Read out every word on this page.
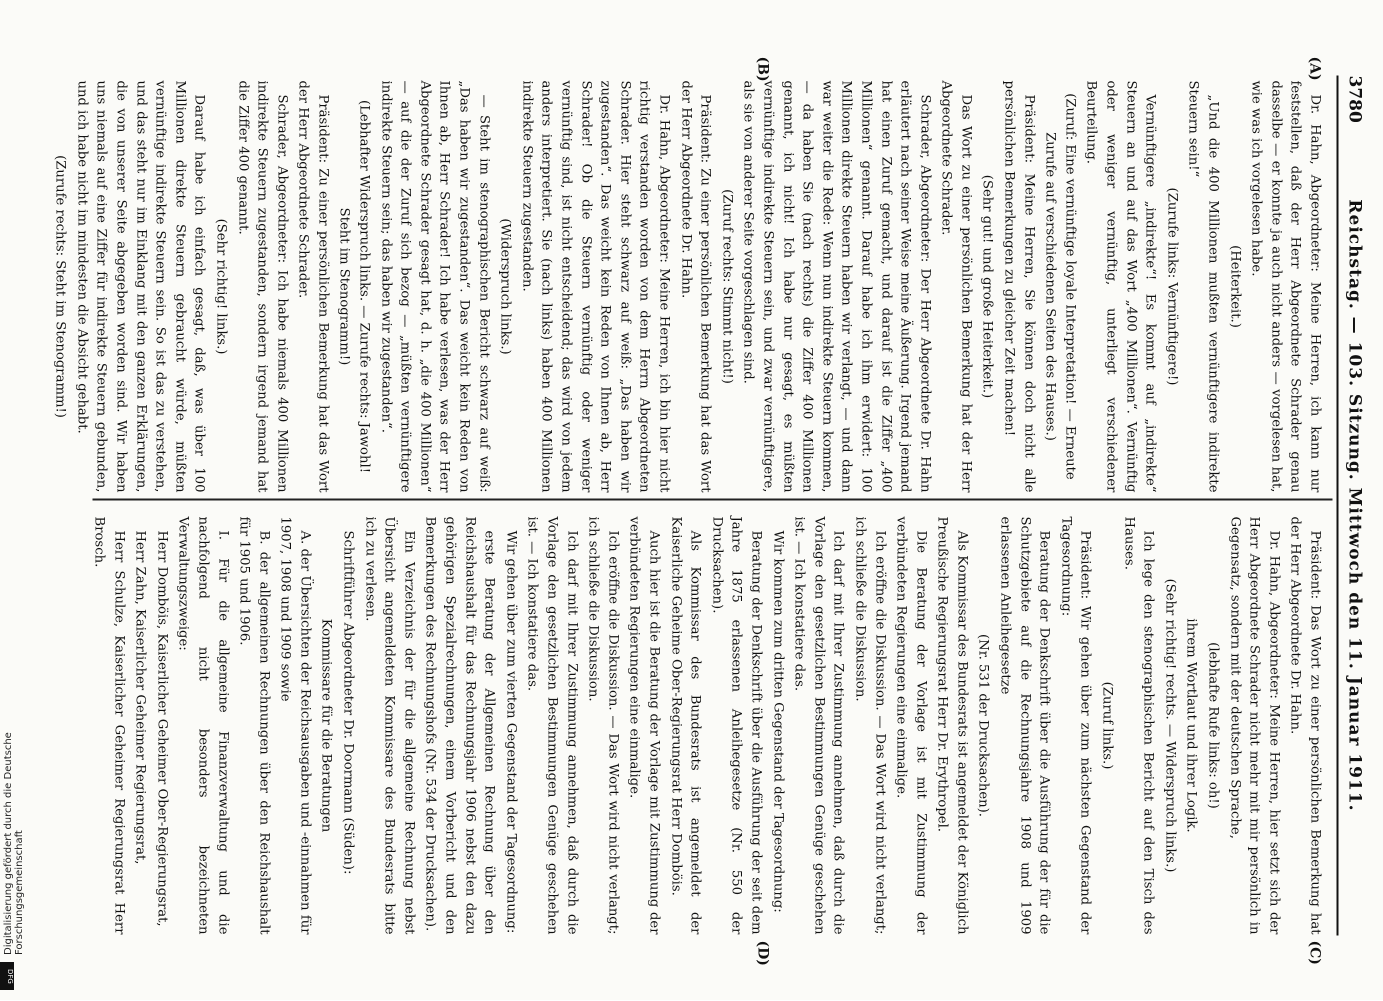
3780
Reichstag. — 103. Sitzung. Mittwoch den 11. Januar 1911.
(A)
(B)
(C)
(D)

Dr. Hahn, Abgeordneter: Meine Herren, ich kann nur feststellen, daß der Herr Abgeordnete Schrader genau dasselbe — er konnte ja auch nicht anders — vorgelesen hat, wie was ich vorgelesen habe.

(Heiterkeit.)

„Und die 400 Millionen mußten vernünftigere indirekte Steuern sein!“

(Zurufe links: Vernünftigere!)

Vernünftigere „indirekte“! Es kommt auf „indirekte“ Steuern an und auf das Wort „400 Millionen“. Vernünftig oder weniger vernünftig, unterliegt verschiedener Beurteilung.

(Zuruf: Eine vernünftige loyale Interpretation! — Erneute Zurufe auf verschiedenen Seiten des Hauses.)

Präsident: Meine Herren, Sie können doch nicht alle persönlichen Bemerkungen zu gleicher Zeit machen!

(Sehr gut! und große Heiterkeit.)

Das Wort zu einer persönlichen Bemerkung hat der Herr Abgeordnete Schrader.

Schrader, Abgeordneter: Der Herr Abgeordnete Dr. Hahn erläutert nach seiner Weise meine Äußerung. Irgend jemand hat einen Zuruf gemacht, und darauf ist die Ziffer „400 Millionen“ genannt. Darauf habe ich ihm erwidert: 100 Millionen direkte Steuern haben wir verlangt, — und dann war weiter die Rede: Wenn nun indirekte Steuern kommen, — da haben Sie (nach rechts) die Ziffer 400 Millionen genannt, ich nicht! Ich habe nur gesagt, es müßten vernünftige indirekte Steuern sein, und zwar vernünftigere, als sie von anderer Seite vorgeschlagen sind.

(Zuruf rechts: Stimmt nicht!)

Präsident: Zu einer persönlichen Bemerkung hat das Wort der Herr Abgeordnete Dr. Hahn.

Dr. Hahn, Abgeordneter: Meine Herren, ich bin hier nicht richtig verstanden worden von dem Herrn Abgeordneten Schrader. Hier steht schwarz auf weiß: „Das haben wir zugestanden“. Das weicht kein Reden von Ihnen ab, Herr Schrader! Ob die Steuern vernünftig oder weniger vernünftig sind, ist nicht entscheidend; das wird von jedem anders interpretiert. Sie (nach links) haben 400 Millionen indirekte Steuern zugestanden.

(Widerspruch links.)

— Steht im stenographischen Bericht schwarz auf weiß: „Das haben wir zugestanden“. Das weicht kein Reden von Ihnen ab, Herr Schrader! Ich habe verlesen, was der Herr Abgeordnete Schrader gesagt hat, d. h. „die 400 Millionen“ — auf die der Zuruf sich bezog — „müßten vernünftigere indirekte Steuern sein; das haben wir zugestanden“.

(Lebhafter Widerspruch links. — Zurufe rechts: Jawohl! Steht im Stenogramm!)

Präsident: Zu einer persönlichen Bemerkung hat das Wort der Herr Abgeordnete Schrader.

Schrader, Abgeordneter: Ich habe niemals 400 Millionen indirekte Steuern zugestanden, sondern irgend jemand hat die Ziffer 400 genannt.

(Sehr richtig! links.)

Darauf habe ich einfach gesagt, daß, was über 100 Millionen direkte Steuern gebraucht würde, müßten vernünftige indirekte Steuern sein. So ist das zu verstehen, und das steht nur im Einklang mit den ganzen Erklärungen, die von unserer Seite abgegeben worden sind. Wir haben uns niemals auf eine Ziffer für indirekte Steuern gebunden, und ich habe nicht im mindesten die Absicht gehabt.

(Zurufe rechts: Steht im Stenogramm!)

Präsident: Das Wort zu einer persönlichen Bemerkung hat der Herr Abgeordnete Dr. Hahn.

Dr. Hahn, Abgeordneter: Meine Herren, hier setzt sich der Herr Abgeordnete Schrader nicht mehr mit mir persönlich in Gegensatz, sondern mit der deutschen Sprache,

(lebhafte Rufe links: oh!)

ihrem Wortlaut und ihrer Logik.

(Sehr richtig! rechts. — Widerspruch links.)

Ich lege den stenographischen Bericht auf den Tisch des Hauses.

(Zuruf links.)

Präsident: Wir gehen über zum nächsten Gegenstand der Tagesordnung:

Beratung der Denkschrift über die Ausführung der für die Schutzgebiete auf die Rechnungsjahre 1908 und 1909 erlassenen Anleihegesetze

(Nr. 531 der Drucksachen).

Als Kommissar des Bundesrats ist angemeldet der Königlich Preußische Regierungsrat Herr Dr. Erythropel.

Die Beratung der Vorlage ist mit Zustimmung der verbündeten Regierungen eine einmalige.

Ich eröffne die Diskussion. — Das Wort wird nicht verlangt; ich schließe die Diskussion.

Ich darf mit Ihrer Zustimmung annehmen, daß durch die Vorlage den gesetzlichen Bestimmungen Genüge geschehen ist. — Ich konstatiere das.

Wir kommen zum dritten Gegenstand der Tagesordnung:

Beratung der Denkschrift über die Ausführung der seit dem Jahre 1875 erlassenen Anleihegesetze (Nr. 550 der Drucksachen).

Als Kommissar des Bundesrats ist angemeldet der Kaiserliche Geheime Ober-Regierungsrat Herr Domböis.

Auch hier ist die Beratung der Vorlage mit Zustimmung der verbündeten Regierungen eine einmalige.

Ich eröffne die Diskussion. — Das Wort wird nicht verlangt; ich schließe die Diskussion.

Ich darf mit Ihrer Zustimmung annehmen, daß durch die Vorlage den gesetzlichen Bestimmungen Genüge geschehen ist. — Ich konstatiere das.

Wir gehen über zum vierten Gegenstand der Tagesordnung:

erste Beratung der Allgemeinen Rechnung über den Reichshaushalt für das Rechnungsjahr 1906 nebst den dazu gehörigen Spezialrechnungen, einem Vorbericht und den Bemerkungen des Rechnungshofs (Nr. 534 der Drucksachen).

Ein Verzeichnis der für die allgemeine Rechnung nebst Übersicht angemeldeten Kommissare des Bundesrats bitte ich zu verlesen.

Schriftführer Abgeordneter Dr. Doormann (Süden):

Kommissare für die Beratungen

A. der Übersichten der Reichsausgaben und -einnahmen für 1907, 1908 und 1909 sowie

B. der allgemeinen Rechnungen über den Reichshaushalt für 1905 und 1906.

I. Für die allgemeine Finanzverwaltung und die nachfolgend nicht besonders bezeichneten Verwaltungszweige:

Herr Domböis, Kaiserlicher Geheimer Ober-Regierungsrat,

Herr Zahn, Kaiserlicher Geheimer Regierungsrat,

Herr Schulze, Kaiserlicher Geheimer Regierungsrat Herr Brosch.

Digitalisierung gefördert durch die Deutsche Forschungsgemeinschaft
DFG
